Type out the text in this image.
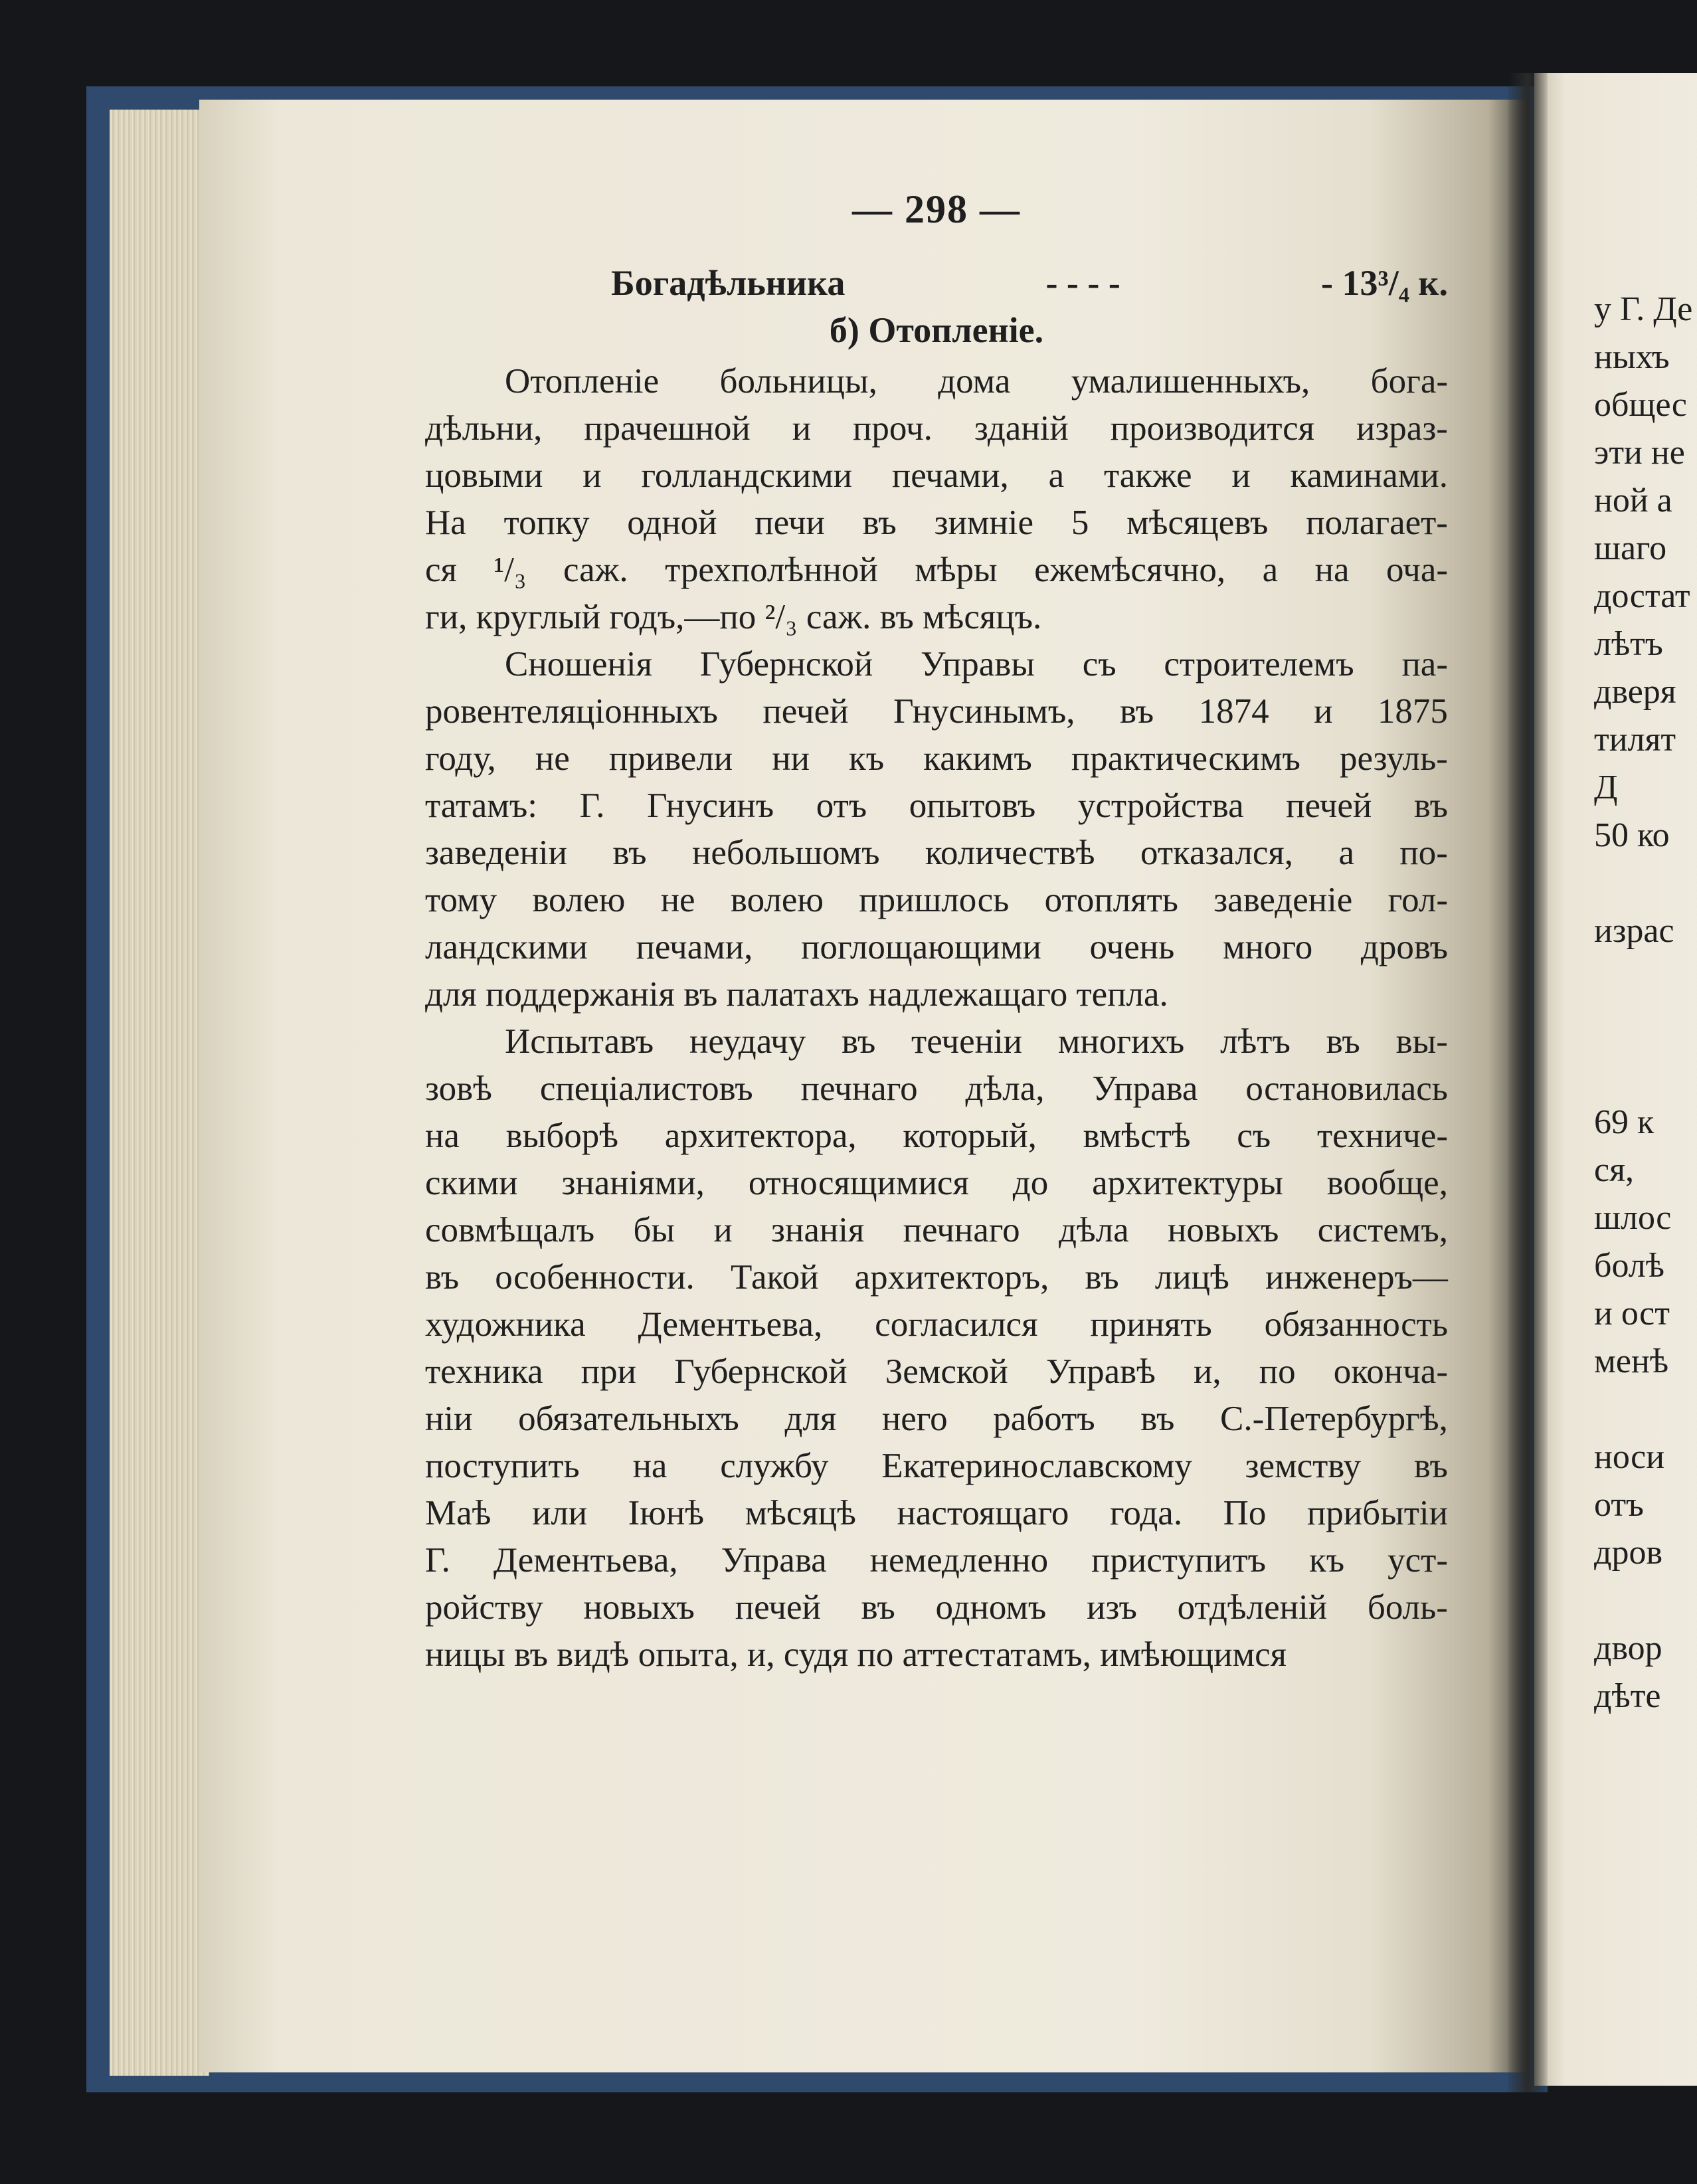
— 298 —
Богадѣльника	- - - -	- 13³/₄ к.
б) Отопленіе.
Отопленіе больницы, дома умалишенныхъ, бога-
дѣльни, прачешной и проч. зданій производится израз-
цовыми и голландскими печами, а также и каминами.
На топку одной печи въ зимніе 5 мѣсяцевъ полагает-
ся ¹/₃ саж. трехполѣнной мѣры ежемѣсячно, а на оча-
ги, круглый годъ,—по ²/₃ саж. въ мѣсяцъ.
Сношенія Губернской Управы съ строителемъ па-
ровентеляціонныхъ печей Гнусинымъ, въ 1874 и 1875
году, не привели ни къ какимъ практическимъ резуль-
татамъ: Г. Гнусинъ отъ опытовъ устройства печей въ
заведеніи въ небольшомъ количествѣ отказался, а по-
тому волею не волею пришлось отоплять заведеніе гол-
ландскими печами, поглощающими очень много дровъ
для поддержанія въ палатахъ надлежащаго тепла.
Испытавъ неудачу въ теченіи многихъ лѣтъ въ вы-
зовѣ спеціалистовъ печнаго дѣла, Управа остановилась
на выборѣ архитектора, который, вмѣстѣ съ техниче-
скими знаніями, относящимися до архитектуры вообще,
совмѣщалъ бы и знанія печнаго дѣла новыхъ системъ,
въ особенности. Такой архитекторъ, въ лицѣ инженеръ—
художника Дементьева, согласился принять обязанность
техника при Губернской Земской Управѣ и, по оконча-
ніи обязательныхъ для него работъ въ С.-Петербургѣ,
поступить на службу Екатеринославскому земству въ
Маѣ или Іюнѣ мѣсяцѣ настоящаго года. По прибытіи
Г. Дементьева, Управа немедленно приступитъ къ уст-
ройству новыхъ печей въ одномъ изъ отдѣленій боль-
ницы въ видѣ опыта, и, судя по аттестатамъ, имѣющимся
у Г. Де
ныхъ
общес
эти не
ной а
шаго
достат
лѣтъ
дверя
тилят
Д
50 ко
израс
69 к
ся,
шлос
болѣ
и ост
менѣ
носи
отъ
дров
двор
дѣте
